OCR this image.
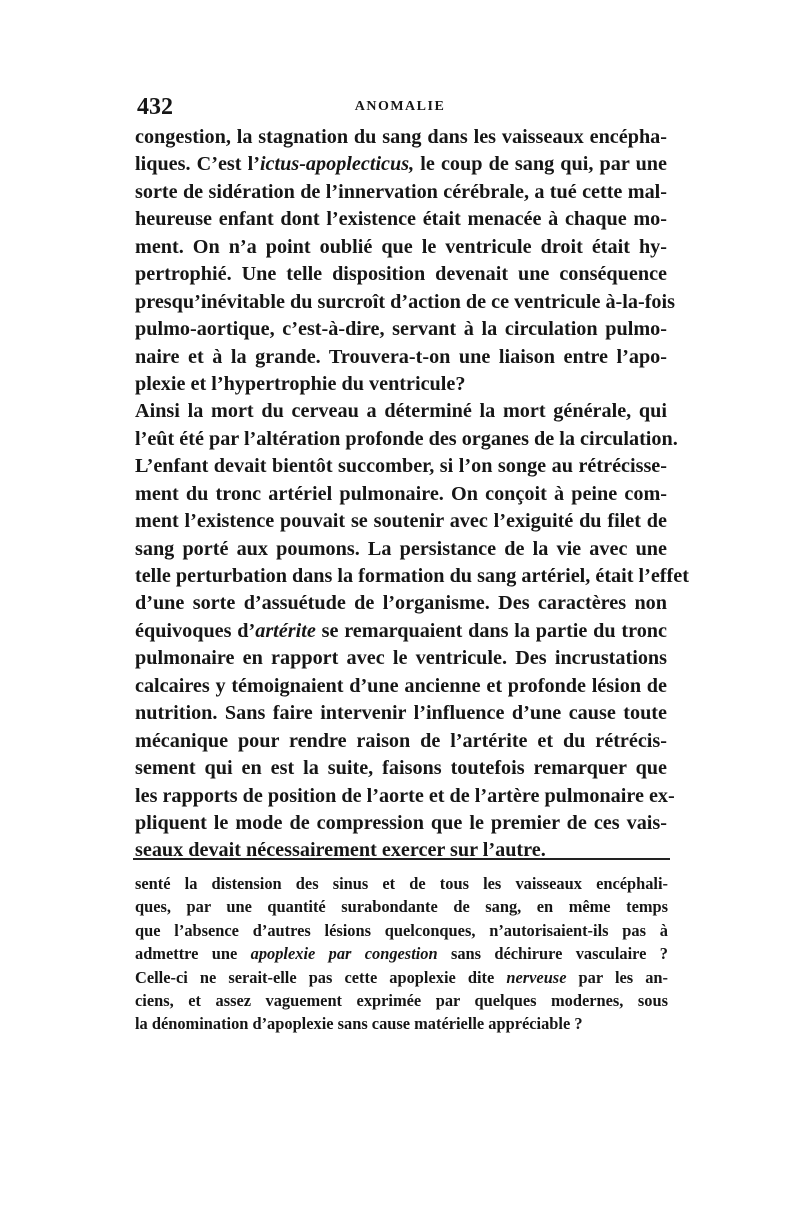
432	ANOMALIE
congestion, la stagnation du sang dans les vaisseaux encépha-
liques. C’est l’ictus-apoplecticus, le coup de sang qui, par une
sorte de sidération de l’innervation cérébrale, a tué cette mal-
heureuse enfant dont l’existence était menacée à chaque mo-
ment. On n’a point oublié que le ventricule droit était hy-
pertrophié. Une telle disposition devenait une conséquence
presqu’inévitable du surcroît d’action de ce ventricule à-la-fois
pulmo-aortique, c’est-à-dire, servant à la circulation pulmo-
naire et à la grande. Trouvera-t-on une liaison entre l’apo-
plexie et l’hypertrophie du ventricule?
Ainsi la mort du cerveau a déterminé la mort générale, qui
l’eût été par l’altération profonde des organes de la circulation.
L’enfant devait bientôt succomber, si l’on songe au rétrécisse-
ment du tronc artériel pulmonaire. On conçoit à peine com-
ment l’existence pouvait se soutenir avec l’exiguité du filet de
sang porté aux poumons. La persistance de la vie avec une
telle perturbation dans la formation du sang artériel, était l’effet
d’une sorte d’assuétude de l’organisme. Des caractères non
équivoques d’artérite se remarquaient dans la partie du tronc
pulmonaire en rapport avec le ventricule. Des incrustations
calcaires y témoignaient d’une ancienne et profonde lésion de
nutrition. Sans faire intervenir l’influence d’une cause toute
mécanique pour rendre raison de l’artérite et du rétrécis-
sement qui en est la suite, faisons toutefois remarquer que
les rapports de position de l’aorte et de l’artère pulmonaire ex-
pliquent le mode de compression que le premier de ces vais-
seaux devait nécessairement exercer sur l’autre.
senté la distension des sinus et de tous les vaisseaux encéphali-
ques, par une quantité surabondante de sang, en même temps
que l’absence d’autres lésions quelconques, n’autorisaient-ils pas à
admettre une apoplexie par congestion sans déchirure vasculaire ?
Celle-ci ne serait-elle pas cette apoplexie dite nerveuse par les an-
ciens, et assez vaguement exprimée par quelques modernes, sous
la dénomination d’apoplexie sans cause matérielle appréciable ?
